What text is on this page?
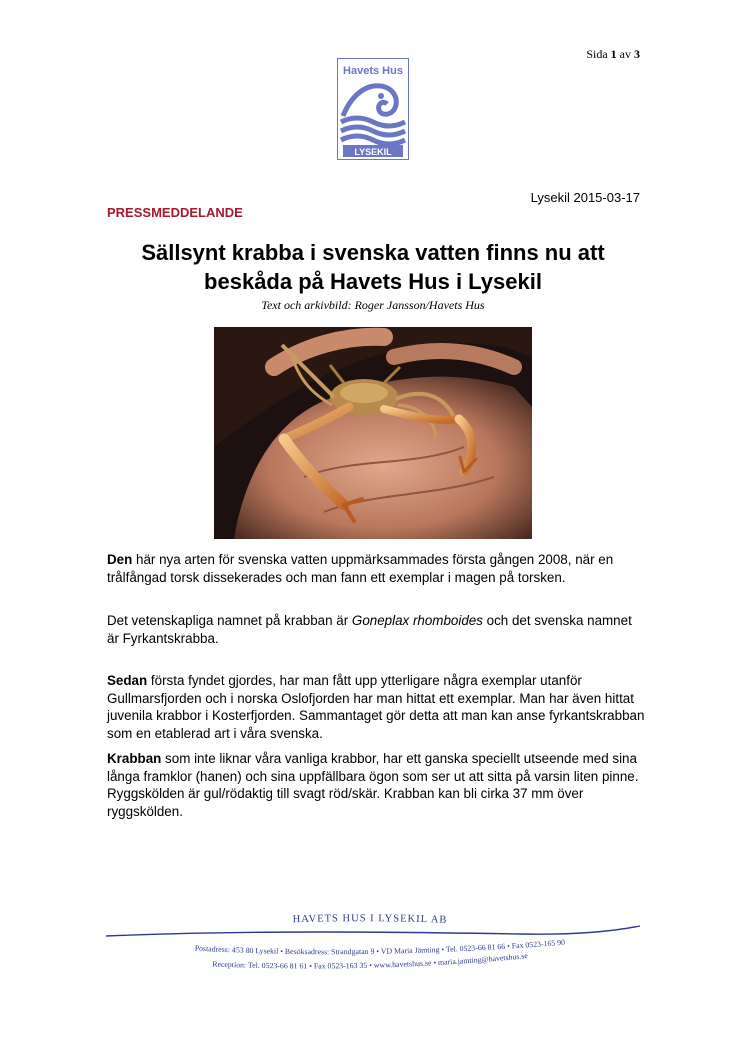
Sida 1 av 3
Havets Hus
LYSEKIL
Lysekil 2015-03-17
PRESSMEDDELANDE
Sällsynt krabba i svenska vatten finns nu att
beskåda på Havets Hus i Lysekil
Text och arkivbild: Roger Jansson/Havets Hus
Den här nya arten för svenska vatten uppmärksammades första gången 2008, när en trålfångad torsk dissekerades och man fann ett exemplar i magen på torsken.
Det vetenskapliga namnet på krabban är Goneplax rhomboides och det svenska namnet är Fyrkantskrabba.
Sedan första fyndet gjordes, har man fått upp ytterligare några exemplar utanför Gullmarsfjorden och i norska Oslofjorden har man hittat ett exemplar. Man har även hittat juvenila krabbor i Kosterfjorden. Sammantaget gör detta att man kan anse fyrkantskrabban som en etablerad art i våra svenska.
Krabban som inte liknar våra vanliga krabbor, har ett ganska speciellt utseende med sina långa framklor (hanen) och sina uppfällbara ögon som ser ut att sitta på varsin liten pinne. Ryggskölden är gul/rödaktig till svagt röd/skär. Krabban kan bli cirka 37 mm över ryggskölden.
HAVETS HUS I LYSEKIL AB
Postadress: 453 80 Lysekil • Besöksadress: Strandgatan 9 • VD Maria Jämting • Tel. 0523-66 81 66 • Fax 0523-165 90
Reception: Tel. 0523-66 81 61 • Fax 0523-163 35 • www.havetshus.se • maria.jamting@havetshus.se
